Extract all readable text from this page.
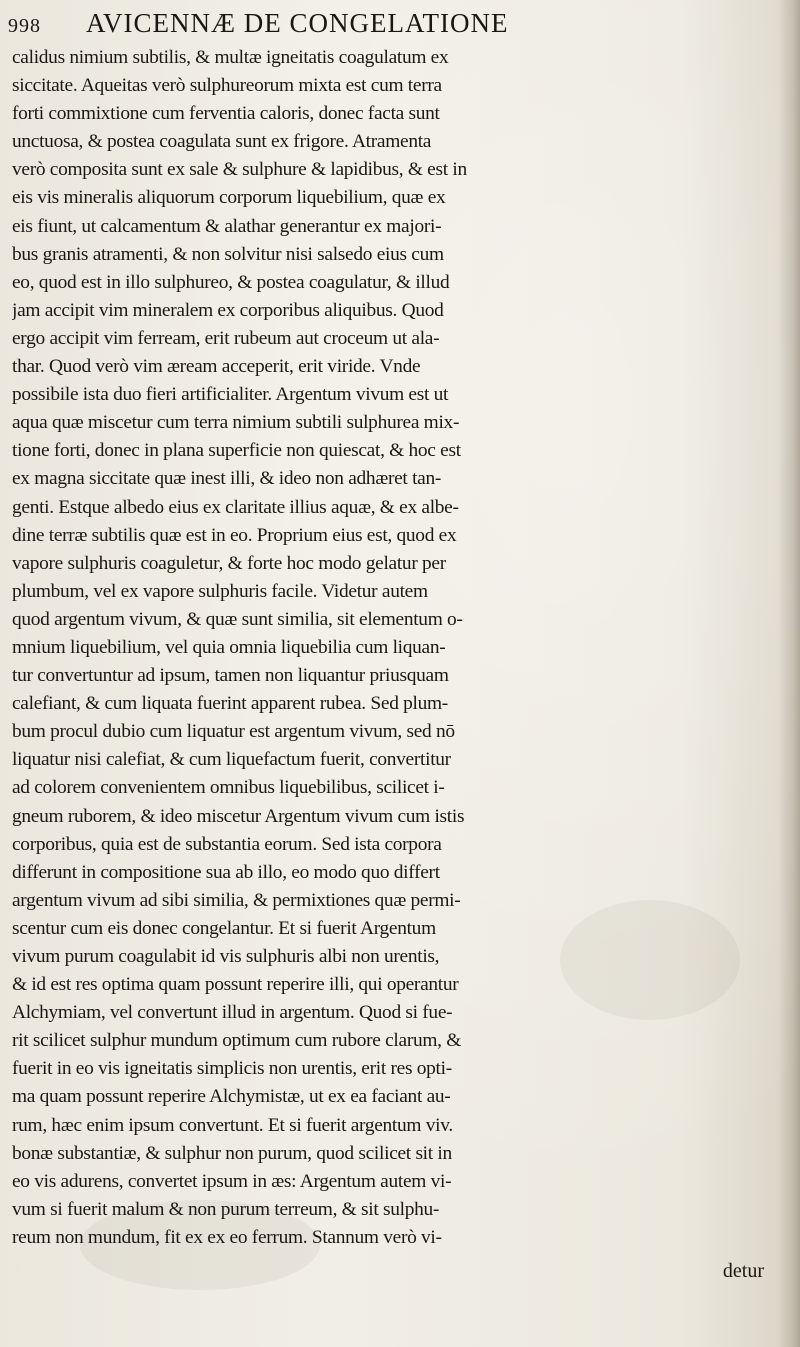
998 AVICENNÆ DE CONGELATIONE
calidus nimium subtilis, & multæ igneitatis coagulatum ex
siccitate. Aqueitas verò sulphureorum mixta est cum terra
forti commixtione cum ferventia caloris, donec facta sunt
unctuosa, & postea coagulata sunt ex frigore. Atramenta
verò composita sunt ex sale & sulphure & lapidibus, & est in
eis vis mineralis aliquorum corporum liquebilium, quæ ex
eis fiunt, ut calcamentum & alathar generantur ex majori-
bus granis atramenti, & non solvitur nisi salsedo eius cum
eo, quod est in illo sulphureo, & postea coagulatur, & illud
jam accipit vim mineralem ex corporibus aliquibus. Quod
ergo accipit vim ferream, erit rubeum aut croceum ut ala-
thar. Quod verò vim æream acceperit, erit viride. Vnde
possibile ista duo fieri artificialiter. Argentum vivum est ut
aqua quæ miscetur cum terra nimium subtili sulphurea mix-
tione forti, donec in plana superficie non quiescat, & hoc est
ex magna siccitate quæ inest illi, & ideo non adhæret tan-
genti. Estque albedo eius ex claritate illius aquæ, & ex albe-
dine terræ subtilis quæ est in eo. Proprium eius est, quod ex
vapore sulphuris coaguletur, & forte hoc modo gelatur per
plumbum, vel ex vapore sulphuris facile. Videtur autem
quod argentum vivum, & quæ sunt similia, sit elementum o-
mnium liquebilium, vel quia omnia liquebilia cum liquan-
tur convertuntur ad ipsum, tamen non liquantur priusquam
calefiant, & cum liquata fuerint apparent rubea. Sed plum-
bum procul dubio cum liquatur est argentum vivum, sed nō
liquatur nisi calefiat, & cum liquefactum fuerit, convertitur
ad colorem convenientem omnibus liquebilibus, scilicet i-
gneum ruborem, & ideo miscetur Argentum vivum cum istis
corporibus, quia est de substantia eorum. Sed ista corpora
differunt in compositione sua ab illo, eo modo quo differt
argentum vivum ad sibi similia, & permixtiones quæ permi-
scentur cum eis donec congelantur. Et si fuerit Argentum
vivum purum coagulabit id vis sulphuris albi non urentis,
& id est res optima quam possunt reperire illi, qui operantur
Alchymiam, vel convertunt illud in argentum. Quod si fue-
rit scilicet sulphur mundum optimum cum rubore clarum, &
fuerit in eo vis igneitatis simplicis non urentis, erit res opti-
ma quam possunt reperire Alchymistæ, ut ex ea faciant au-
rum, hæc enim ipsum convertunt. Et si fuerit argentum viv.
bonæ substantiæ, & sulphur non purum, quod scilicet sit in
eo vis adurens, convertet ipsum in æs: Argentum autem vi-
vum si fuerit malum & non purum terreum, & sit sulphu-
reum non mundum, fit ex ex eo ferrum. Stannum verò vi-
detur
